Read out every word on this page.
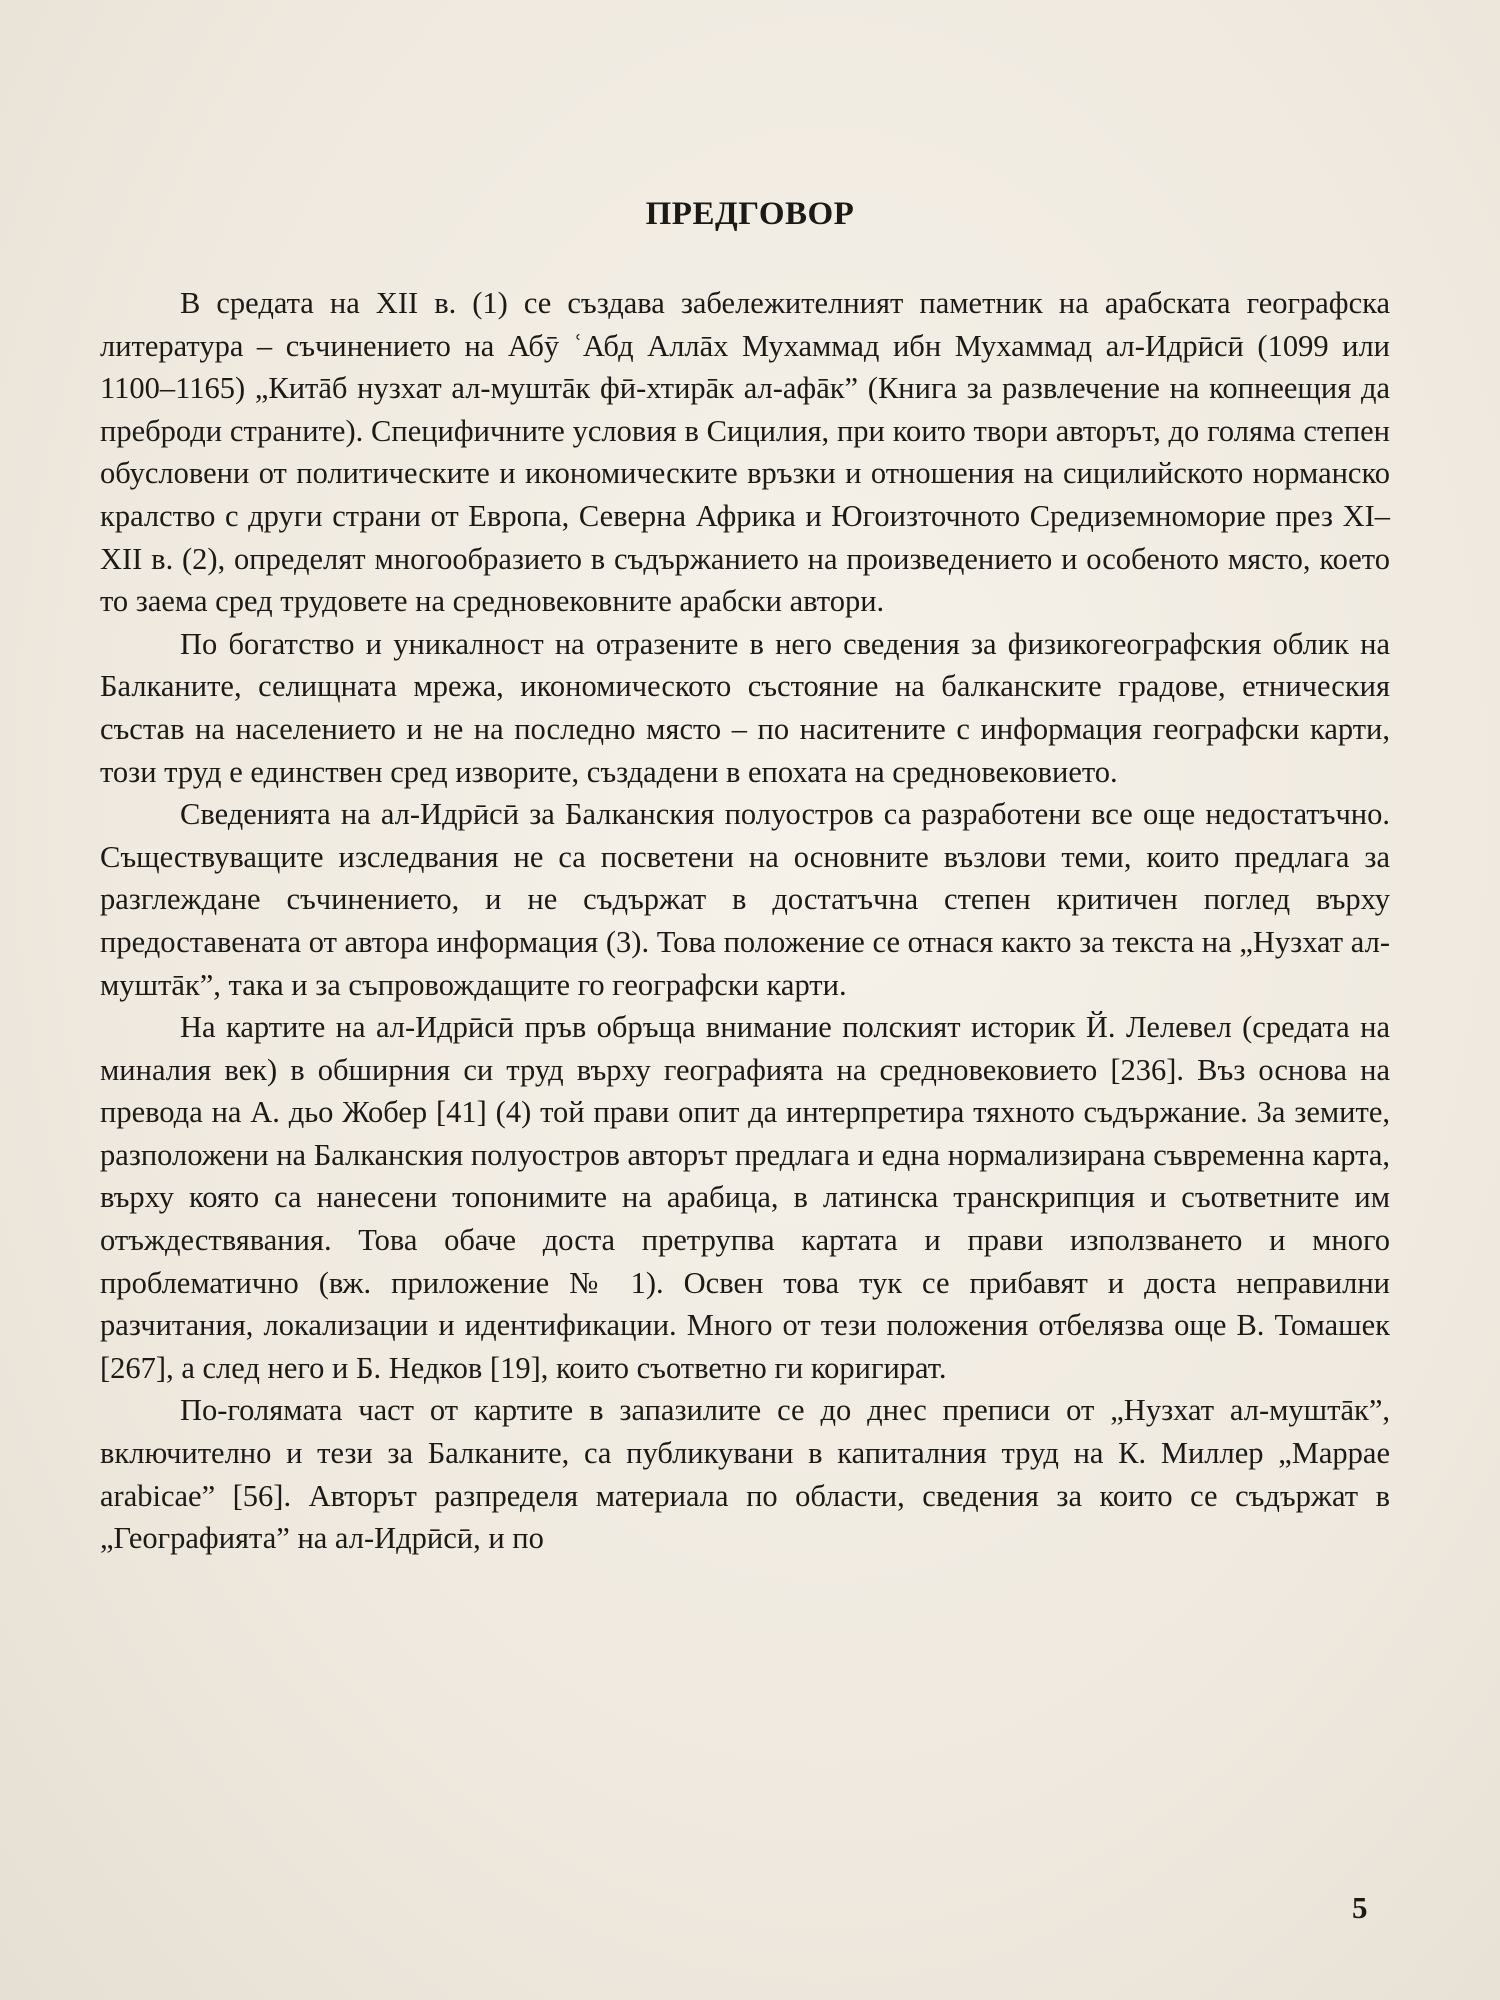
ПРЕДГОВОР

В средата на XII в. (1) се създава забележителният паметник на арабската географска литература – съчинението на Абӯ ʿАбд Аллāх Мухаммад ибн Мухаммад ал-Идрӣсӣ (1099 или 1100–1165) „Китāб нузхат ал-муштāк фӣ-хтирāк ал-афāк” (Книга за развлечение на копнеещия да преброди страните). Специфичните условия в Сицилия, при които твори авторът, до голяма степен обусловени от политическите и икономическите връзки и отношения на сицилийското норманско кралство с други страни от Европа, Северна Африка и Югоизточното Средиземноморие през XI–XII в. (2), определят многообразието в съдържанието на произведението и особеното място, което то заема сред трудовете на средновековните арабски автори.

По богатство и уникалност на отразените в него сведения за физикогеографския облик на Балканите, селищната мрежа, икономическото състояние на балканските градове, етническия състав на населението и не на последно място – по наситените с информация географски карти, този труд е единствен сред изворите, създадени в епохата на средновековието.

Сведенията на ал-Идрӣсӣ за Балканския полуостров са разработени все още недостатъчно. Съществуващите изследвания не са посветени на основните възлови теми, които предлага за разглеждане съчинението, и не съдържат в достатъчна степен критичен поглед върху предоставената от автора информация (3). Това положение се отнася както за текста на „Нузхат ал-муштāк”, така и за съпровождащите го географски карти.

На картите на ал-Идрӣсӣ пръв обръща внимание полският историк Й. Лелевел (средата на миналия век) в обширния си труд върху географията на средновековието [236]. Въз основа на превода на А. дьо Жобер [41] (4) той прави опит да интерпретира тяхното съдържание. За земите, разположени на Балканския полуостров авторът предлага и една нормализирана съвременна карта, върху която са нанесени топонимите на арабица, в латинска транскрипция и съответните им отъждествявания. Това обаче доста претрупва картата и прави използването и много проблематично (вж. приложение № 1). Освен това тук се прибавят и доста неправилни разчитания, локализации и идентификации. Много от тези положения отбелязва още В. Томашек [267], а след него и Б. Недков [19], които съответно ги коригират.

По-голямата част от картите в запазилите се до днес преписи от „Нузхат ал-муштāк”, включително и тези за Балканите, са публикувани в капиталния труд на К. Миллер „Mappae arabicae” [56]. Авторът разпределя материала по области, сведения за които се съдържат в „Географията” на ал-Идрӣсӣ, и по

5
